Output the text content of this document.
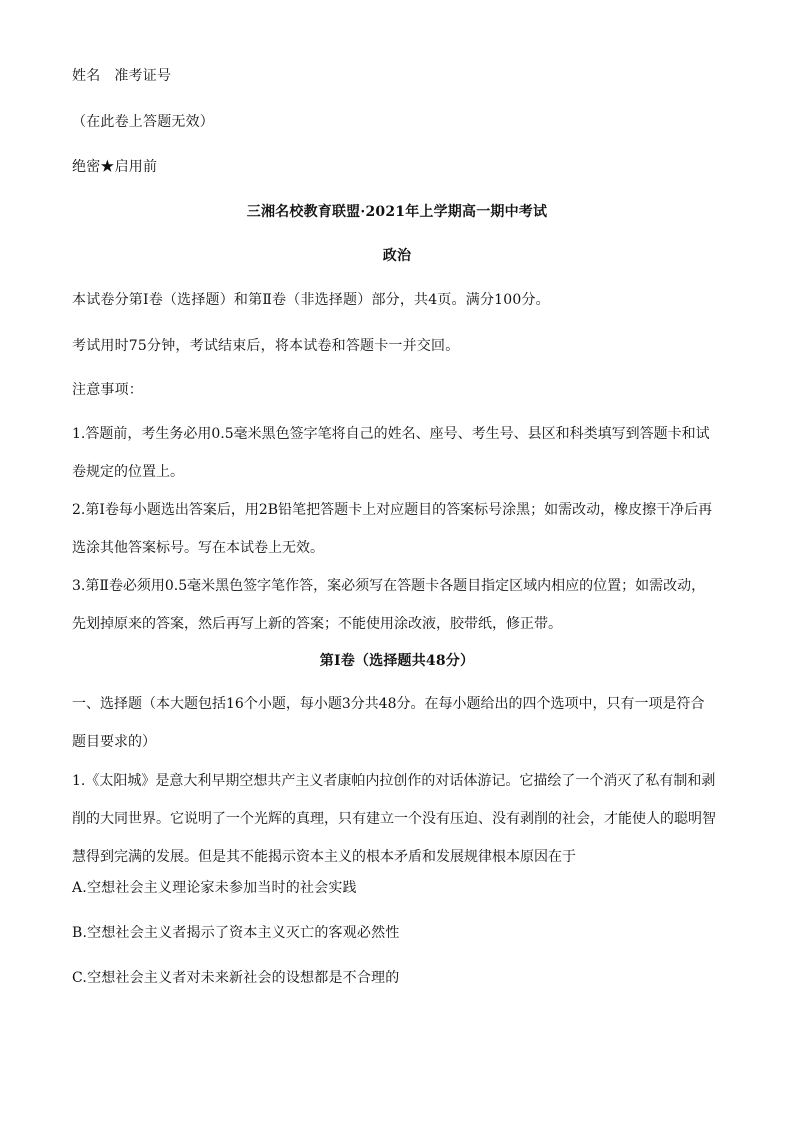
姓名 准考证号
（在此卷上答题无效）
绝密★启用前
三湘名校教育联盟·2021年上学期高一期中考试
政治
本试卷分第Ⅰ卷（选择题）和第Ⅱ卷（非选择题）部分，共4页。满分100分。
考试用时75分钟，考试结束后，将本试卷和答题卡一并交回。
注意事项：
1.答题前，考生务必用0.5毫米黑色签字笔将自己的姓名、座号、考生号、县区和科类填写到答题卡和试
卷规定的位置上。
2.第Ⅰ卷每小题选出答案后，用2B铅笔把答题卡上对应题目的答案标号涂黑；如需改动，橡皮擦干净后再
选涂其他答案标号。写在本试卷上无效。
3.第Ⅱ卷必须用0.5毫米黑色签字笔作答，案必须写在答题卡各题目指定区域内相应的位置；如需改动，
先划掉原来的答案，然后再写上新的答案；不能使用涂改液，胶带纸，修正带。
第Ⅰ卷（选择题共48分）
一、选择题（本大题包括16个小题，每小题3分共48分。在每小题给出的四个选项中，只有一项是符合
题目要求的）
1.《太阳城》是意大利早期空想共产主义者康帕内拉创作的对话体游记。它描绘了一个消灭了私有制和剥
削的大同世界。它说明了一个光辉的真理，只有建立一个没有压迫、没有剥削的社会，才能使人的聪明智
慧得到完满的发展。但是其不能揭示资本主义的根本矛盾和发展规律根本原因在于
A.空想社会主义理论家未参加当时的社会实践
B.空想社会主义者揭示了资本主义灭亡的客观必然性
C.空想社会主义者对未来新社会的设想都是不合理的
